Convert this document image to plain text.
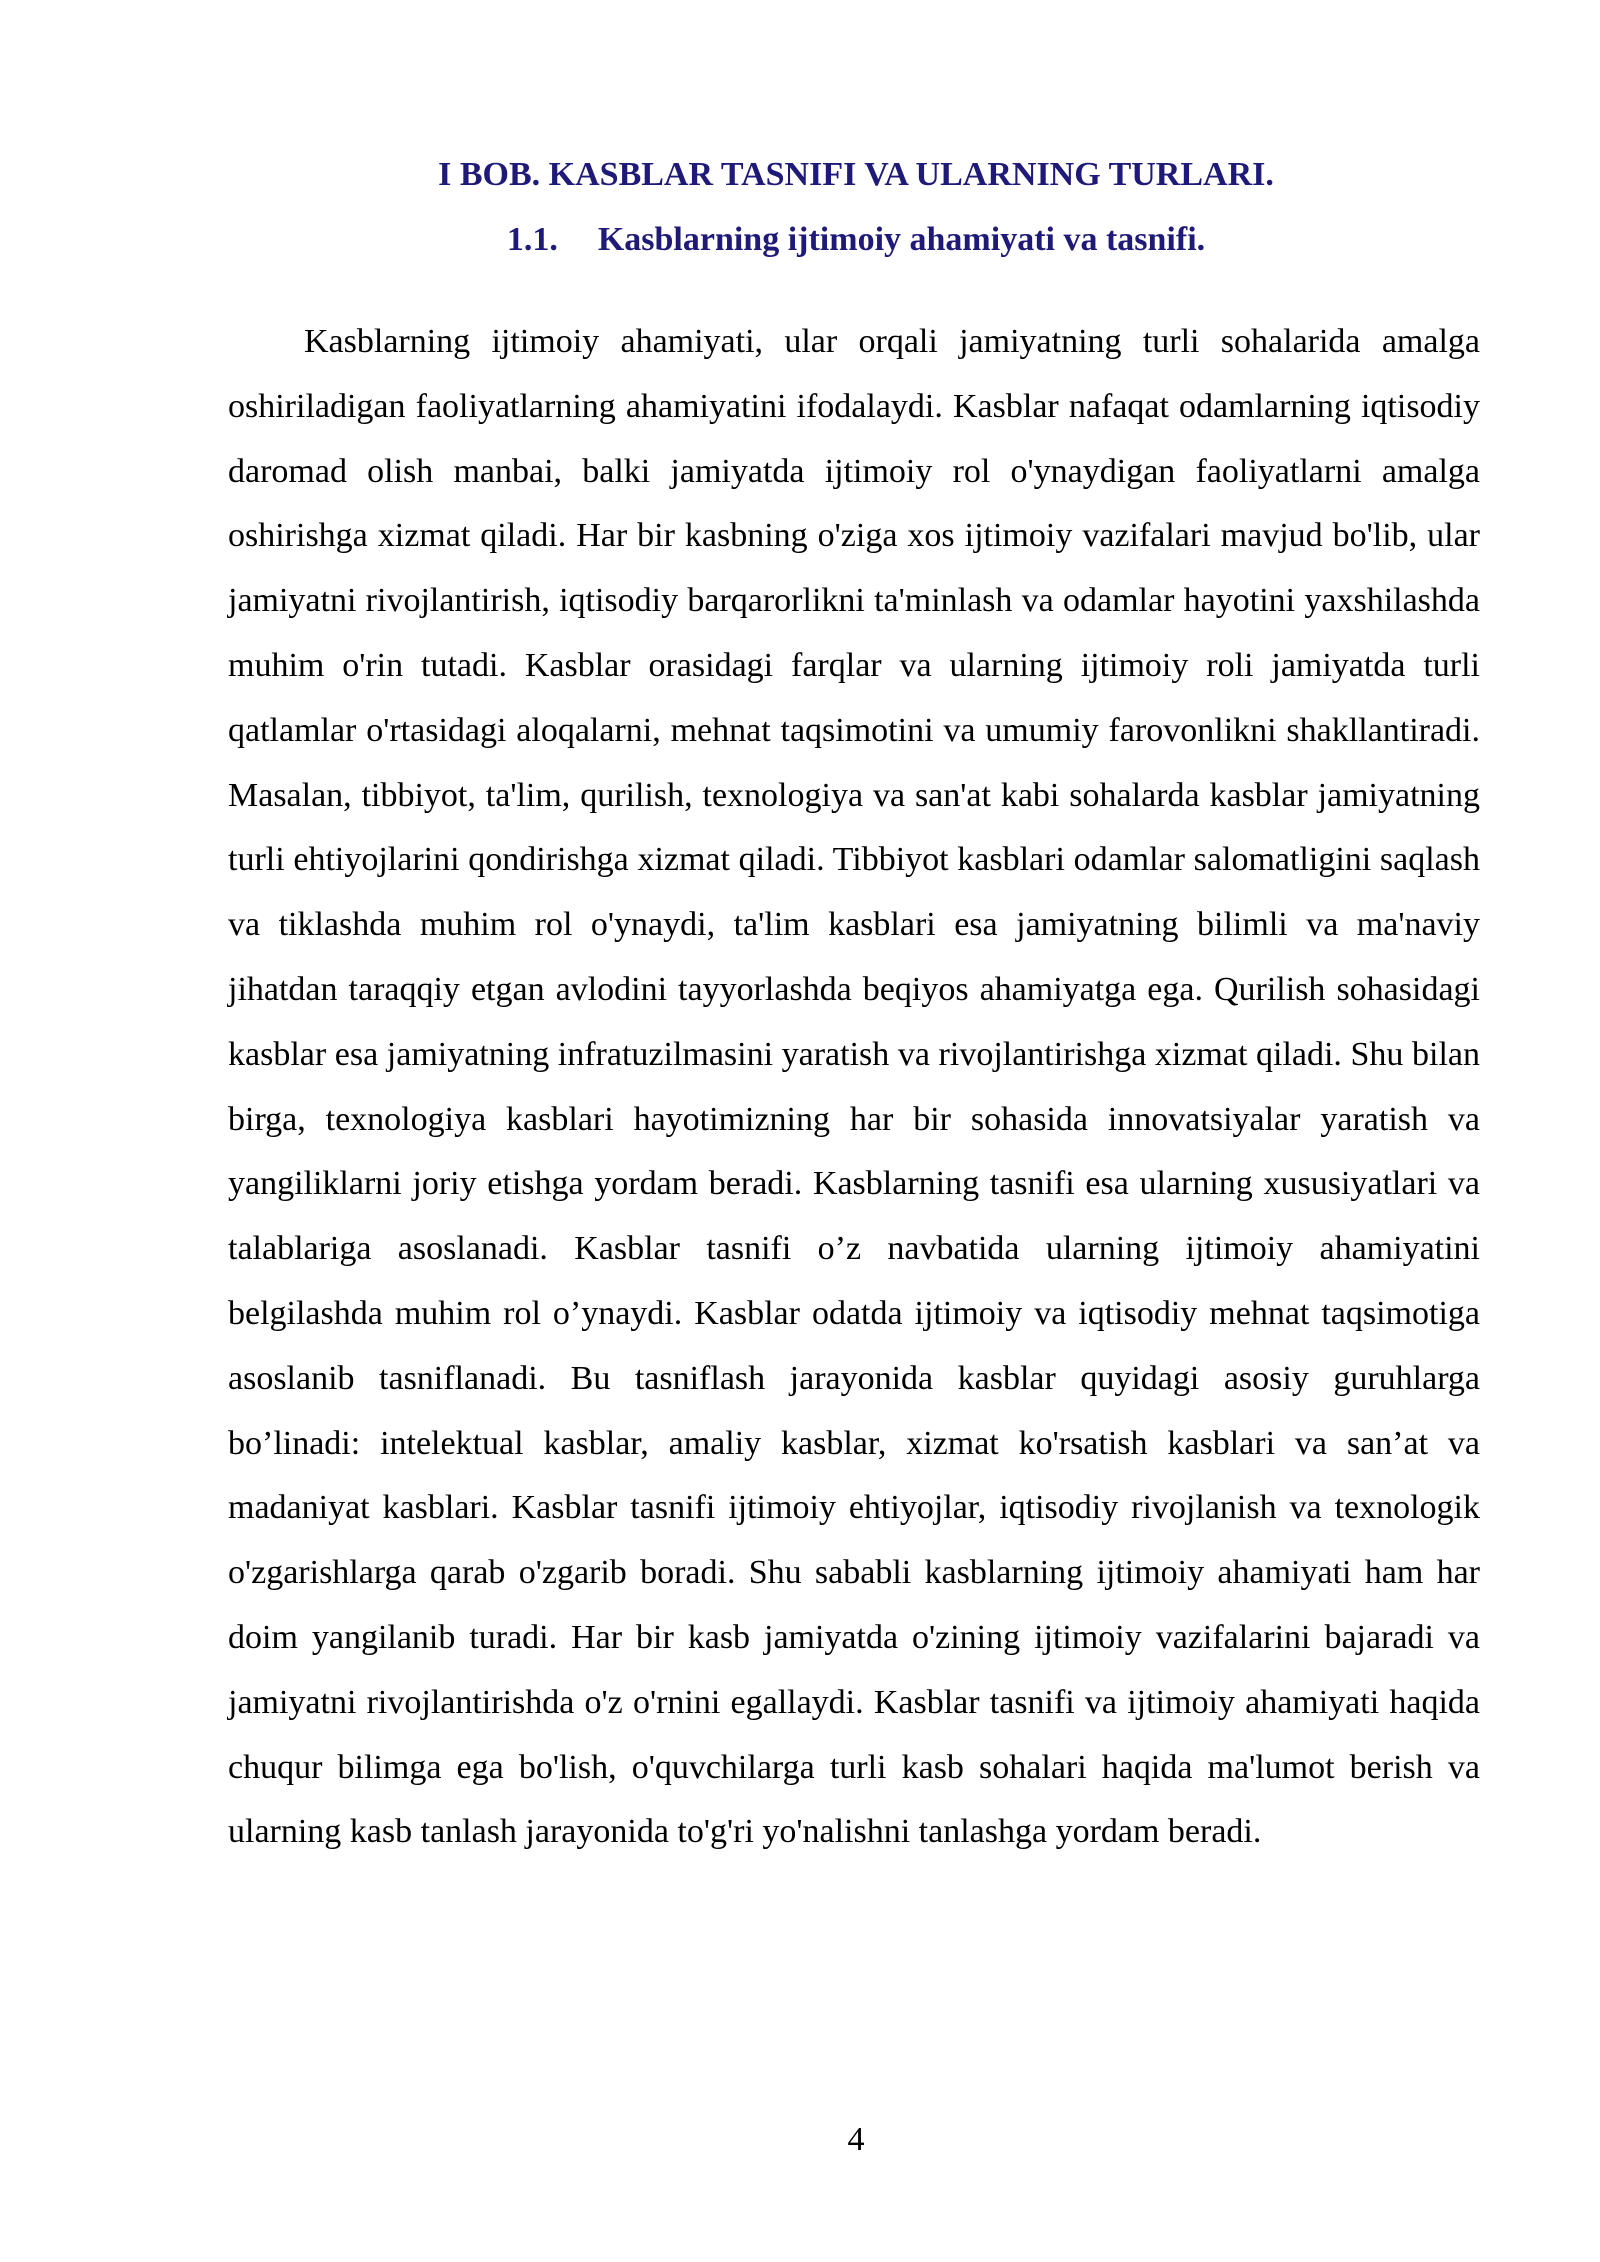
I BOB. KASBLAR TASNIFI VA ULARNING TURLARI.
1.1. Kasblarning ijtimoiy ahamiyati va tasnifi.

Kasblarning ijtimoiy ahamiyati, ular orqali jamiyatning turli sohalarida amalga oshiriladigan faoliyatlarning ahamiyatini ifodalaydi. Kasblar nafaqat odamlarning iqtisodiy daromad olish manbai, balki jamiyatda ijtimoiy rol o'ynaydigan faoliyatlarni amalga oshirishga xizmat qiladi. Har bir kasbning o'ziga xos ijtimoiy vazifalari mavjud bo'lib, ular jamiyatni rivojlantirish, iqtisodiy barqarorlikni ta'minlash va odamlar hayotini yaxshilashda muhim o'rin tutadi. Kasblar orasidagi farqlar va ularning ijtimoiy roli jamiyatda turli qatlamlar o'rtasidagi aloqalarni, mehnat taqsimotini va umumiy farovonlikni shakllantiradi. Masalan, tibbiyot, ta'lim, qurilish, texnologiya va san'at kabi sohalarda kasblar jamiyatning turli ehtiyojlarini qondirishga xizmat qiladi. Tibbiyot kasblari odamlar salomatligini saqlash va tiklashda muhim rol o'ynaydi, ta'lim kasblari esa jamiyatning bilimli va ma'naviy jihatdan taraqqiy etgan avlodini tayyorlashda beqiyos ahamiyatga ega. Qurilish sohasidagi kasblar esa jamiyatning infratuzilmasini yaratish va rivojlantirishga xizmat qiladi. Shu bilan birga, texnologiya kasblari hayotimizning har bir sohasida innovatsiyalar yaratish va yangiliklarni joriy etishga yordam beradi. Kasblarning tasnifi esa ularning xususiyatlari va talablariga asoslanadi. Kasblar tasnifi o’z navbatida ularning ijtimoiy ahamiyatini belgilashda muhim rol o’ynaydi. Kasblar odatda ijtimoiy va iqtisodiy mehnat taqsimotiga asoslanib tasniflanadi. Bu tasniflash jarayonida kasblar quyidagi asosiy guruhlarga bo’linadi: intelektual kasblar, amaliy kasblar, xizmat ko'rsatish kasblari va san’at va madaniyat kasblari. Kasblar tasnifi ijtimoiy ehtiyojlar, iqtisodiy rivojlanish va texnologik o'zgarishlarga qarab o'zgarib boradi. Shu sababli kasblarning ijtimoiy ahamiyati ham har doim yangilanib turadi. Har bir kasb jamiyatda o'zining ijtimoiy vazifalarini bajaradi va jamiyatni rivojlantirishda o'z o'rnini egallaydi. Kasblar tasnifi va ijtimoiy ahamiyati haqida chuqur bilimga ega bo'lish, o'quvchilarga turli kasb sohalari haqida ma'lumot berish va ularning kasb tanlash jarayonida to'g'ri yo'nalishni tanlashga yordam beradi.

4
